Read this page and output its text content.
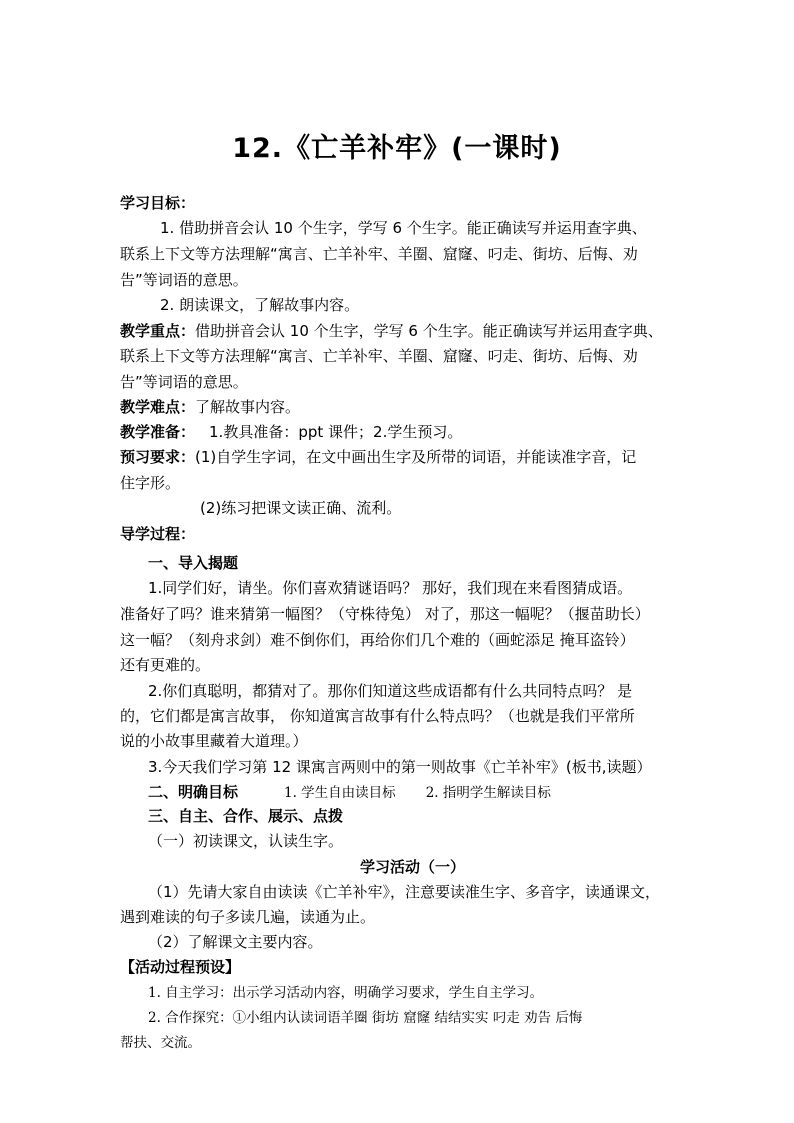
12.《亡羊补牢》(一课时)
学习目标：
1. 借助拼音会认 10 个生字，学写 6 个生字。能正确读写并运用查字典、
联系上下文等方法理解“寓言、亡羊补牢、羊圈、窟窿、叼走、街坊、后悔、劝
告”等词语的意思。
2. 朗读课文，了解故事内容。
教学重点：借助拼音会认 10 个生字，学写 6 个生字。能正确读写并运用查字典、
联系上下文等方法理解“寓言、亡羊补牢、羊圈、窟窿、叼走、街坊、后悔、劝
告”等词语的意思。
教学难点：了解故事内容。
教学准备： 1.教具准备：ppt 课件；2.学生预习。
预习要求：(1)自学生字词，在文中画出生字及所带的词语，并能读准字音，记
住字形。
(2)练习把课文读正确、流利。
导学过程：
一、导入揭题
1.同学们好，请坐。你们喜欢猜谜语吗？ 那好，我们现在来看图猜成语。
准备好了吗？谁来猜第一幅图？（守株待兔） 对了，那这一幅呢？（揠苗助长）
这一幅？（刻舟求剑）难不倒你们，再给你们几个难的（画蛇添足 掩耳盗铃）
还有更难的。
2.你们真聪明，都猜对了。那你们知道这些成语都有什么共同特点吗？ 是
的，它们都是寓言故事， 你知道寓言故事有什么特点吗？（也就是我们平常所
说的小故事里藏着大道理。）
3.今天我们学习第 12 课寓言两则中的第一则故事《亡羊补牢》(板书,读题）
二、明确目标	1. 学生自由读目标 2. 指明学生解读目标
三、自主、合作、展示、点拨
（一）初读课文，认读生字。
学习活动（一）
（1）先请大家自由读读《亡羊补牢》，注意要读准生字、多音字，读通课文，
遇到难读的句子多读几遍，读通为止。
（2）了解课文主要内容。
【活动过程预设】
1. 自主学习：出示学习活动内容，明确学习要求，学生自主学习。
2. 合作探究：①小组内认读词语羊圈 街坊 窟窿 结结实实 叼走 劝告 后悔
帮扶、交流。
